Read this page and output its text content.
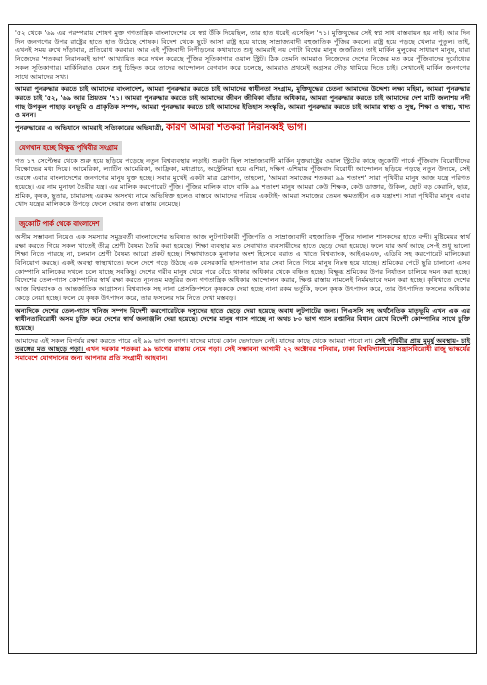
'৫২ থেকে '৬৯ এর পরম্পরায় শোষণ মুক্ত গণতান্ত্রিক বাংলাদেশের যে স্বপ্ন উঁকি দিয়েছিল, তার হাত ধরেই এসেছিল '৭১। মুক্তিযুদ্ধের সেই স্বপ্ন সাধ বাস্তবায়ন হয় নাই। আর দিন দিন জনগণের উপর রাষ্ট্রের হাতে হাত উঠেছে শোষক। বিদেশ থেকে ছুটে আসা রাষ্ট্র হয়ে যাচ্ছে সাম্রাজ্যবাদী বহুজাতিক পুঁজির কবলে। রাষ্ট্র হয়ে পড়ছে খেলার পুতুল। তাই, এখনই সময় রুখে দাঁড়াবার, প্রতিরোধ করবার। আর এই পুঁজিবাদী নিপীড়নের কথাযাতে শুধু আমরাই নয় গোটা বিশ্বের মানুষ জর্জরিত। তাই মার্কিন মুলুকের সাধারণ মানুষ, যারা নিজেদের 'শতকরা নিরানব্বই ভাগ' আখ্যায়িত করে দখল করেছে পুঁজির সূতিকাগার ওয়াল স্ট্রিট। ঠিক তেমনি আমরাও নিজেদের দেশের নিজের মত করে পুঁজিবাদের দুর্বোধ্যের সকল সূতিকাগার। মার্কিনিরাও যেমন শুধু চিহ্নিত করে তাদের আন্দোলন বেগবান করে চলেছে, আমরাও প্রথমেই অগ্রসর দৌড় থামিয়ে দিতে চাই। সেখানেই মার্কিন জনগণের সাথে আমাদের সখ্য।

আমরা পুনরুদ্ধার করতে চাই আমাদের বাংলাদেশ, আমরা পুনরুদ্ধার করতে চাই আমাদের স্বাধীনতা সংগ্রাম, মুক্তিযুদ্ধের চেতনা আমাদের উদ্দেশ্য লক্ষ্য মহিমা, আমরা পুনরুদ্ধার করতে চাই '৫২, '৬৯ আর প্রিয়তম '৭১। আমরা পুনরুদ্ধার করতে চাই আমাদের জীবন জীবিকা বাঁচার অধিকার, আমরা পুনরুদ্ধার করতে চাই আমাদের দেশ মাটি জলাশয় নদী গাছ উপকূল পাহাড় বনভূমি ও প্রাকৃতিক সম্পদ, আমরা পুনরুদ্ধার করতে চাই আমাদের ইতিহাস সংস্কৃতি, আমরা পুনরুদ্ধার করতে চাই আমার স্বাস্থ্য ও সুস্থ, শিক্ষা ও স্বাস্থ্য, খাদ্য ও মনন।

পুনরুদ্ধারের এ অভিযানে আমরাই সত্যিকারের অভিযাত্রী, কারণ আমরা শতকরা নিরানব্বই ভাগ।

যেগখান হচ্ছে বিক্ষুব্ধ পৃথিবীর সংগ্রাম

গত ১৭ সেপ্টেম্বর থেকে শুরু হয়ে ছড়িয়ে পড়েছে নতুন বিশ্বব্যবস্থার লড়াই। শুরুটা ছিল সাম্রাজ্যবাদী মার্কিন যুক্তরাষ্ট্রের ওয়াল স্ট্রিটের কাছে জুকোটি পার্কে পুঁজিবাদ বিরোধীদের বিক্ষোভের মধ্য দিয়ে। আমেরিকা, ল্যাটিন আমেরিকা, আফ্রিকা, মধ্যপ্রাচ্য, অস্ট্রেলিয়া হয়ে এশিয়া, দক্ষিণ এশিয়ায় পুঁজিবাদ বিরোধী আন্দোলন ছড়িয়ে পড়ছে নতুন উদ্যমে, সেই তরঙ্গে এবার বাংলাদেশের জনগণের মানুষ যুক্ত হচ্ছে। সবার মুখেই একটা মাত্র স্লোগান, তাহলো, 'আমরা সমাজের শতকরা ৯৯ শতাংশ' সারা পৃথিবীর মানুষ আজ যন্ত্রে পরিণত হয়েছে। এর নাম মুনাফা তৈরীর যন্ত্র। এর মালিক করপোরেট পুঁজি। পুঁজির মালিক বাদে বাকি ৯৯ শতাংশ মানুষ আমরা কেউ শিক্ষক, কেউ ডাক্তার, উকিল, ছোট বড় কেরানি, ছাত্র, শ্রমিক, কৃষক, ছুতার, চামারসহ এরকম অসংখ্য নামে অভিষিক্ত হলেও বাস্তবে আমাদের পরিচয় একটাই- আমরা সমাজের তেমন ক্ষমতাহীন এক যন্ত্রাংশ। সারা পৃথিবীর মানুষ এবার খোদ যন্ত্রের মালিককে উপড়ে ফেলে দেয়ার জন্য রাস্তায় নেমেছে।

জুকোটি পার্ক থেকে বাংলাদেশ

অসীম সম্ভাবনা নিয়েও এক সমস্যার সমুদ্রবর্তী বাংলাদেশের ভবিষ্যত আজ লুটপাটকারী পুঁজিপতি ও সাম্রাজ্যবাদী বহুজাতিক পুঁজির দালাল শাসকদের হাতে বন্দী। মুষ্টিমেয়র স্বার্থ রক্ষা করতে গিয়ে সকল খাতেই তীব্র শ্রেণী বৈষম্য তৈরি করা হয়েছে। শিক্ষা ব্যবস্থার মত সেবাখাত ব্যবসায়ীদের হাতে ছেড়ে দেয়া হয়েছে। ফলে যার অর্থ আছে সে-ই শুধু ভালো শিক্ষা নিতে পারছে না, চলমান শ্রেণী বৈষম্য আরো প্রকট হচ্ছে। শিক্ষাখাতকে মুনাফার অংশ হিসেবে বরাত এ খাতে বিশ্বব্যাংক, আইএমএফ, এডিবি সহ করপোরেট মালিকেরা বিনিয়োগ করছে। একই অবস্থা স্বাস্থ্যখাতে। ফলে দেশে গড়ে উঠছে এক বেসরকারি হাসপাতাল যার সেবা নিতে গিয়ে মানুষ নিঃস্ব হয়ে যাচ্ছে। শ্রমিকের পেটে ছুরি চালানো এসব কোম্পানি মালিকের দখলে চলে যাচ্ছে সবকিছু। দেশের গরীব মানুষ খেয়ে পরে বেঁচে থাকার অধিকার থেকে বঞ্চিত হচ্ছে। বিক্ষুব্ধ শ্রমিকের উপর নির্যাতন চালিয়ে দমন করা হচ্ছে। বিদেশের তেল-গ্যাস কোম্পানির স্বার্থ রক্ষা করতে ন্যূনতম মজুরির জন্য গণতান্ত্রিক অধিকার আন্দোলন করার, ক্ষিপ্ত রাস্তায় নামলেই নির্মমভাবে দমন করা হচ্ছে। কৃষিখাতে দেশের আজ বিশ্বব্যাংক ও আন্তর্জাতিক আগ্রাসন। বিশ্বব্যাংক সহ নানা প্রেসক্রিপশনে কৃষককে দেয়া হচ্ছে নানা রকম ভর্তুকি, ফলে কৃষক উৎপাদন করে, তার উৎপাদিত ফসলের অধিকার কেড়ে নেয়া হচ্ছে। ফলে যে কৃষক উৎপাদন করে, তার ফসলের দাম নিতে দেখা মস্তবড়।

অন্যদিকে দেশের তেল-গ্যাস খনিজ সম্পদ বিদেশী করপোরেটকে দস্যুদের হাতে ছেড়ে দেয়া হয়েছে অবাধ লুটপাটের জন্য। পিএসসি সহ অর্থনৈতিক মাতৃভূমি এখন এক এর স্বাধীনতাবিরোধী অসম চুক্তি করে দেশের স্বার্থ জলাঞ্জলি দেয়া হয়েছে। দেশের মানুষ গ্যাস পাচ্ছে না অথচ ৮০ ভাগ গ্যাস রপ্তানির বিধান রেখে বিদেশী কোম্পানির সাথে চুক্তি হয়েছে।

আমাদের এই সকল বিপর্যয় রক্ষা করতে পারে এই ৯৯ ভাগ জনগণ। যাদের মাঝে কোন ভেদাভেদ নেই। যাদের কাছে থেকে আমরা পাবো না। সেই পৃথিবীর প্রায় মুমূর্ষু অবস্থায়- চাই তরঙ্গের মত আছড়ে পড়া। এখন দরকার শতকরা ৯৯ ভাগের রাস্তায় নেমে পড়া। সেই সম্ভাবনা আগামী ২২ অক্টোবর শনিবার, ঢাকা বিশ্ববিদ্যালয়ের সন্ত্রাসবিরোধী রাজু ভাস্কর্যের সমাবেশে যোগদানের জন্য আপনার প্রতি সংগ্রামী আহবান।
